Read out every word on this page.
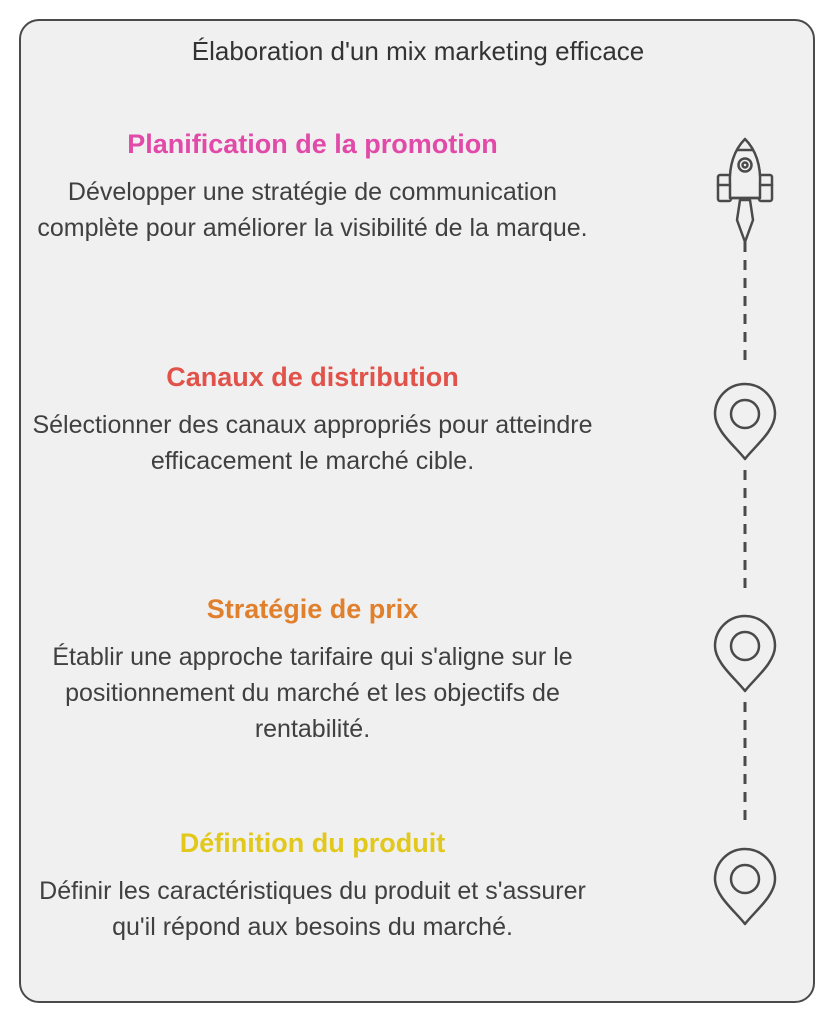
Élaboration d'un mix marketing efficace

Planification de la promotion

Développer une stratégie de communication complète pour améliorer la visibilité de la marque.

Canaux de distribution

Sélectionner des canaux appropriés pour atteindre efficacement le marché cible.

Stratégie de prix

Établir une approche tarifaire qui s'aligne sur le positionnement du marché et les objectifs de rentabilité.

Définition du produit

Définir les caractéristiques du produit et s'assurer qu'il répond aux besoins du marché.
